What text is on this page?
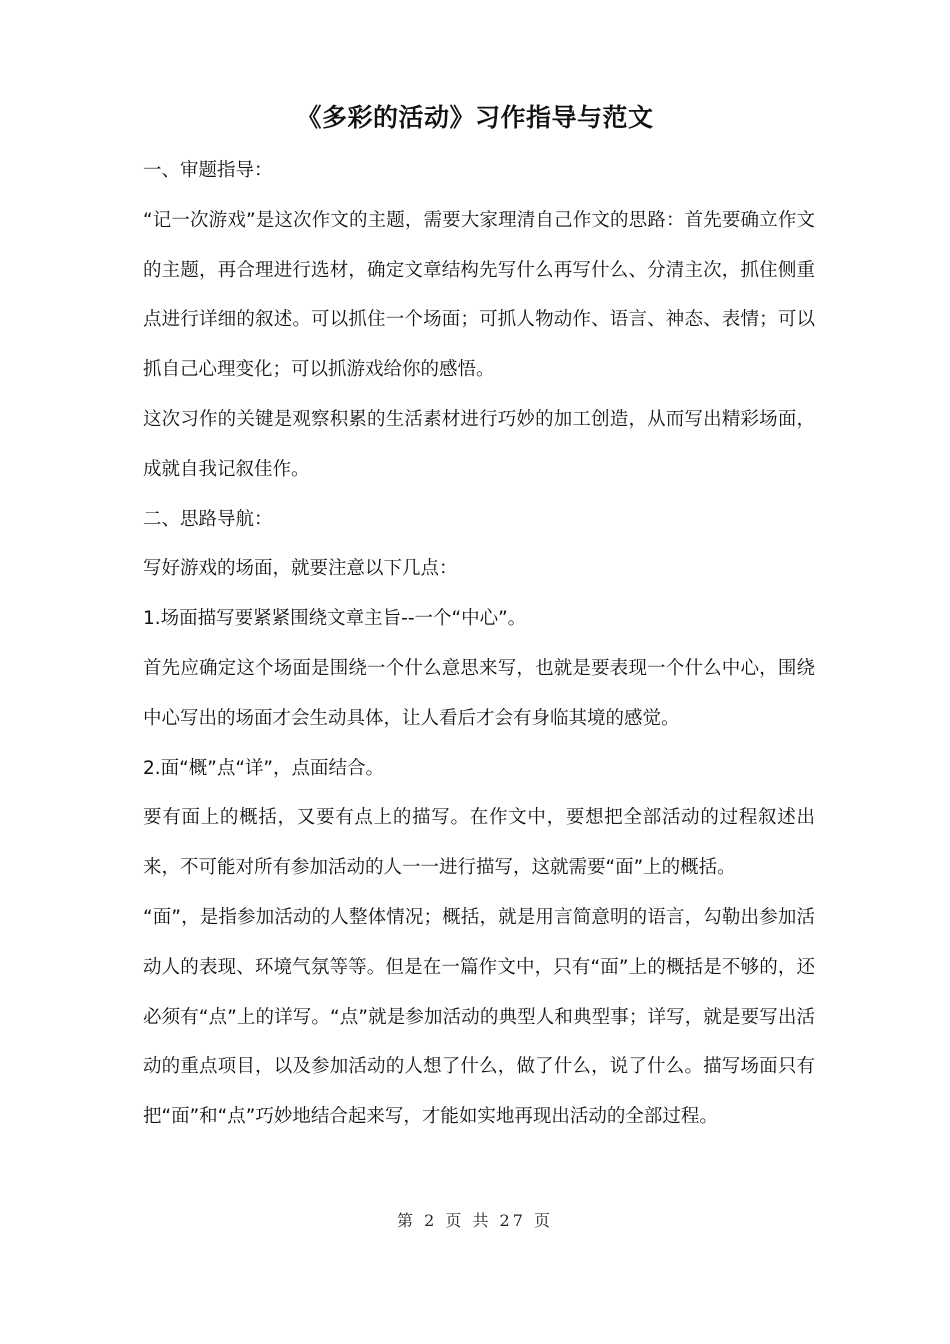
《多彩的活动》习作指导与范文

一、审题指导：

“记一次游戏”是这次作文的主题，需要大家理清自己作文的思路：首先要确立作文的主题，再合理进行选材，确定文章结构先写什么再写什么、分清主次，抓住侧重点进行详细的叙述。可以抓住一个场面；可抓人物动作、语言、神态、表情；可以抓自己心理变化；可以抓游戏给你的感悟。

这次习作的关键是观察积累的生活素材进行巧妙的加工创造，从而写出精彩场面，成就自我记叙佳作。

二、思路导航：

写好游戏的场面，就要注意以下几点：

1.场面描写要紧紧围绕文章主旨--一个“中心”。

首先应确定这个场面是围绕一个什么意思来写，也就是要表现一个什么中心，围绕中心写出的场面才会生动具体，让人看后才会有身临其境的感觉。

2.面“概”点“详”，点面结合。

要有面上的概括，又要有点上的描写。在作文中，要想把全部活动的过程叙述出来，不可能对所有参加活动的人一一进行描写，这就需要“面”上的概括。

“面”，是指参加活动的人整体情况；概括，就是用言简意明的语言，勾勒出参加活动人的表现、环境气氛等等。但是在一篇作文中，只有“面”上的概括是不够的，还必须有“点”上的详写。“点”就是参加活动的典型人和典型事；详写，就是要写出活动的重点项目，以及参加活动的人想了什么，做了什么，说了什么。描写场面只有把“面”和“点”巧妙地结合起来写，才能如实地再现出活动的全部过程。

第 2 页 共 27 页
